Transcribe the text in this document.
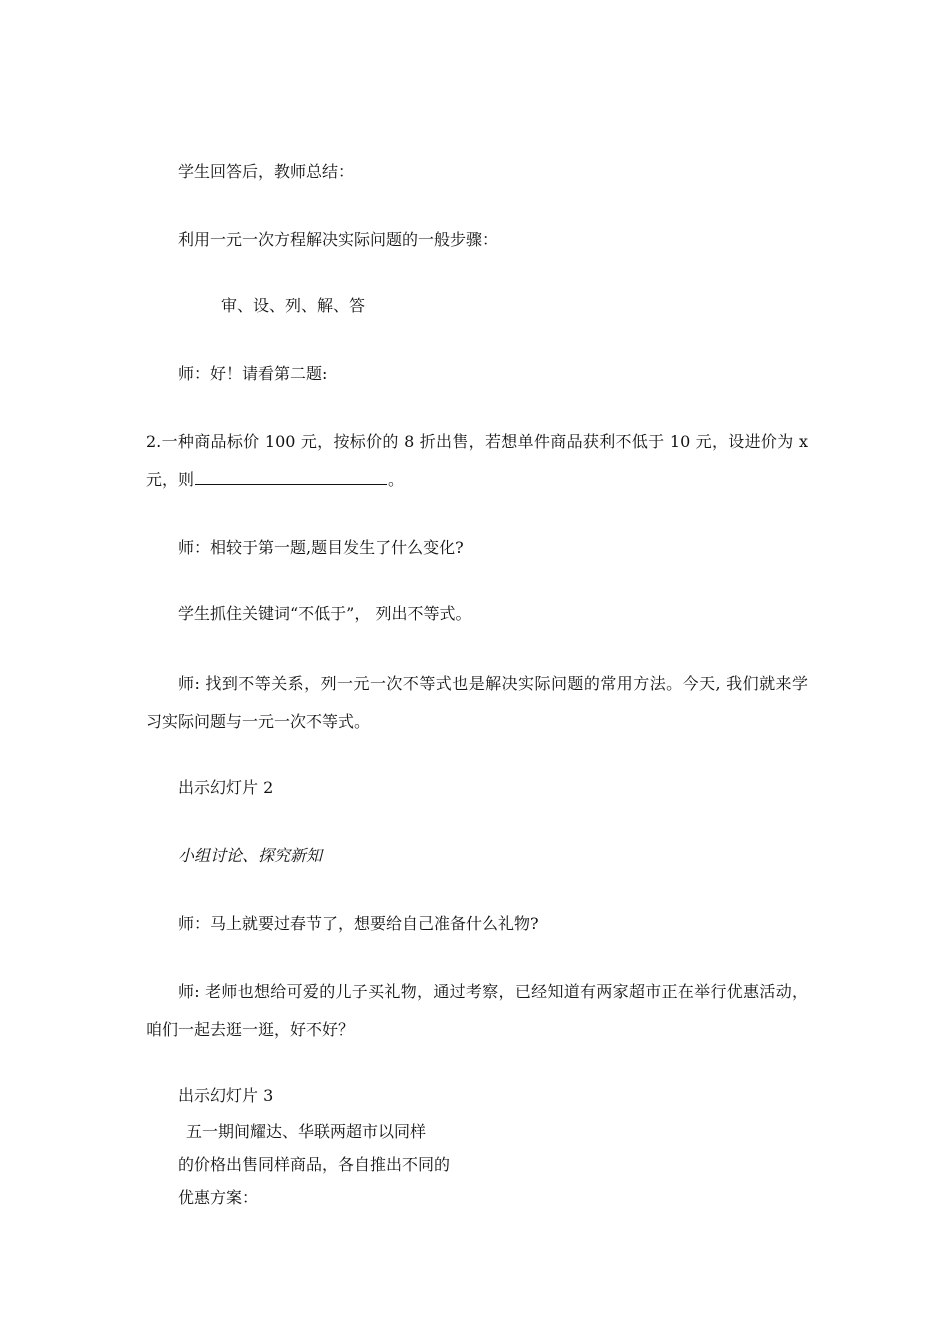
学生回答后，教师总结：
利用一元一次方程解决实际问题的一般步骤：
审、设、列、解、答
师：好！请看第二题:
2.一种商品标价 100 元，按标价的 8 折出售，若想单件商品获利不低于 10 元，设进价为 x
元，则	。
师：相较于第一题,题目发生了什么变化?
学生抓住关键词“不低于”， 列出不等式。
师: 找到不等关系，列一元一次不等式也是解决实际问题的常用方法。今天, 我们就来学
习实际问题与一元一次不等式。
出示幻灯片 2
小组讨论、探究新知
师：马上就要过春节了，想要给自己准备什么礼物?
师: 老师也想给可爱的儿子买礼物，通过考察，已经知道有两家超市正在举行优惠活动，
咱们一起去逛一逛，好不好？
出示幻灯片 3
五一期间耀达、华联两超市以同样
的价格出售同样商品，各自推出不同的
优惠方案：
